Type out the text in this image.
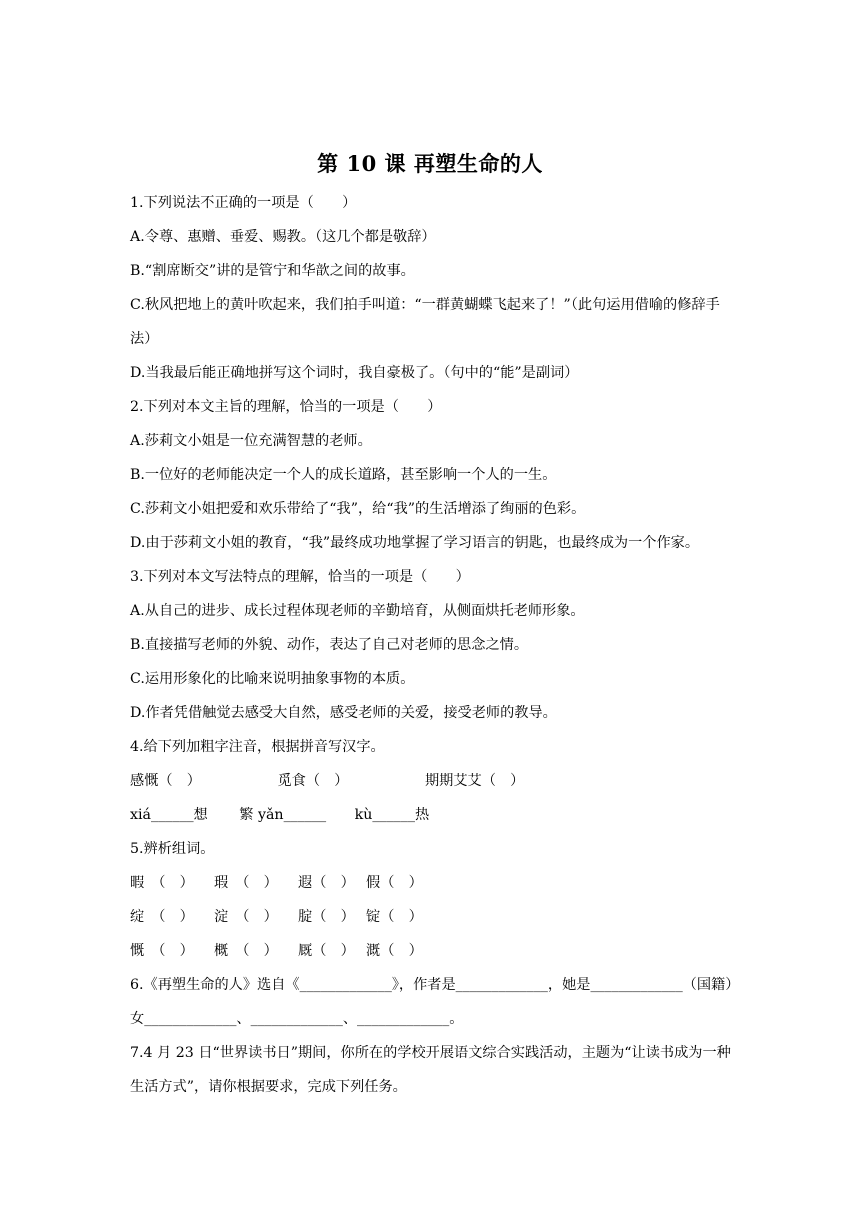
第 10 课 再塑生命的人
1.下列说法不正确的一项是（　　）
A.令尊、惠赠、垂爱、赐教。（这几个都是敬辞）
B.“割席断交”讲的是管宁和华歆之间的故事。
C.秋风把地上的黄叶吹起来，我们拍手叫道：“一群黄蝴蝶飞起来了！”（此句运用借喻的修辞手法）
D.当我最后能正确地拼写这个词时，我自豪极了。（句中的“能”是副词）
2.下列对本文主旨的理解，恰当的一项是（　　）
A.莎莉文小姐是一位充满智慧的老师。
B.一位好的老师能决定一个人的成长道路，甚至影响一个人的一生。
C.莎莉文小姐把爱和欢乐带给了“我”，给“我”的生活增添了绚丽的色彩。
D.由于莎莉文小姐的教育，“我”最终成功地掌握了学习语言的钥匙，也最终成为一个作家。
3.下列对本文写法特点的理解，恰当的一项是（　　）
A.从自己的进步、成长过程体现老师的辛勤培育，从侧面烘托老师形象。
B.直接描写老师的外貌、动作，表达了自己对老师的思念之情。
C.运用形象化的比喻来说明抽象事物的本质。
D.作者凭借触觉去感受大自然，感受老师的关爱，接受老师的教导。
4.给下列加粗字注音，根据拼音写汉字。
感慨（　）	觅食（　）	期期艾艾（　）
xiá______想 繁 yǎn______ kù______热
5.辨析组词。
暇　（　） 瑕　（　） 遐（　） 假（　）
绽　（　） 淀　（　） 腚（　） 锭（　）
慨　（　） 概　（　） 厩（　） 溉（　）
6.《再塑生命的人》选自《_____________》，作者是_____________，她是_____________（国籍）女_____________、_____________、_____________。
7.4 月 23 日“世界读书日”期间，你所在的学校开展语文综合实践活动，主题为“让读书成为一种生活方式”，请你根据要求，完成下列任务。
